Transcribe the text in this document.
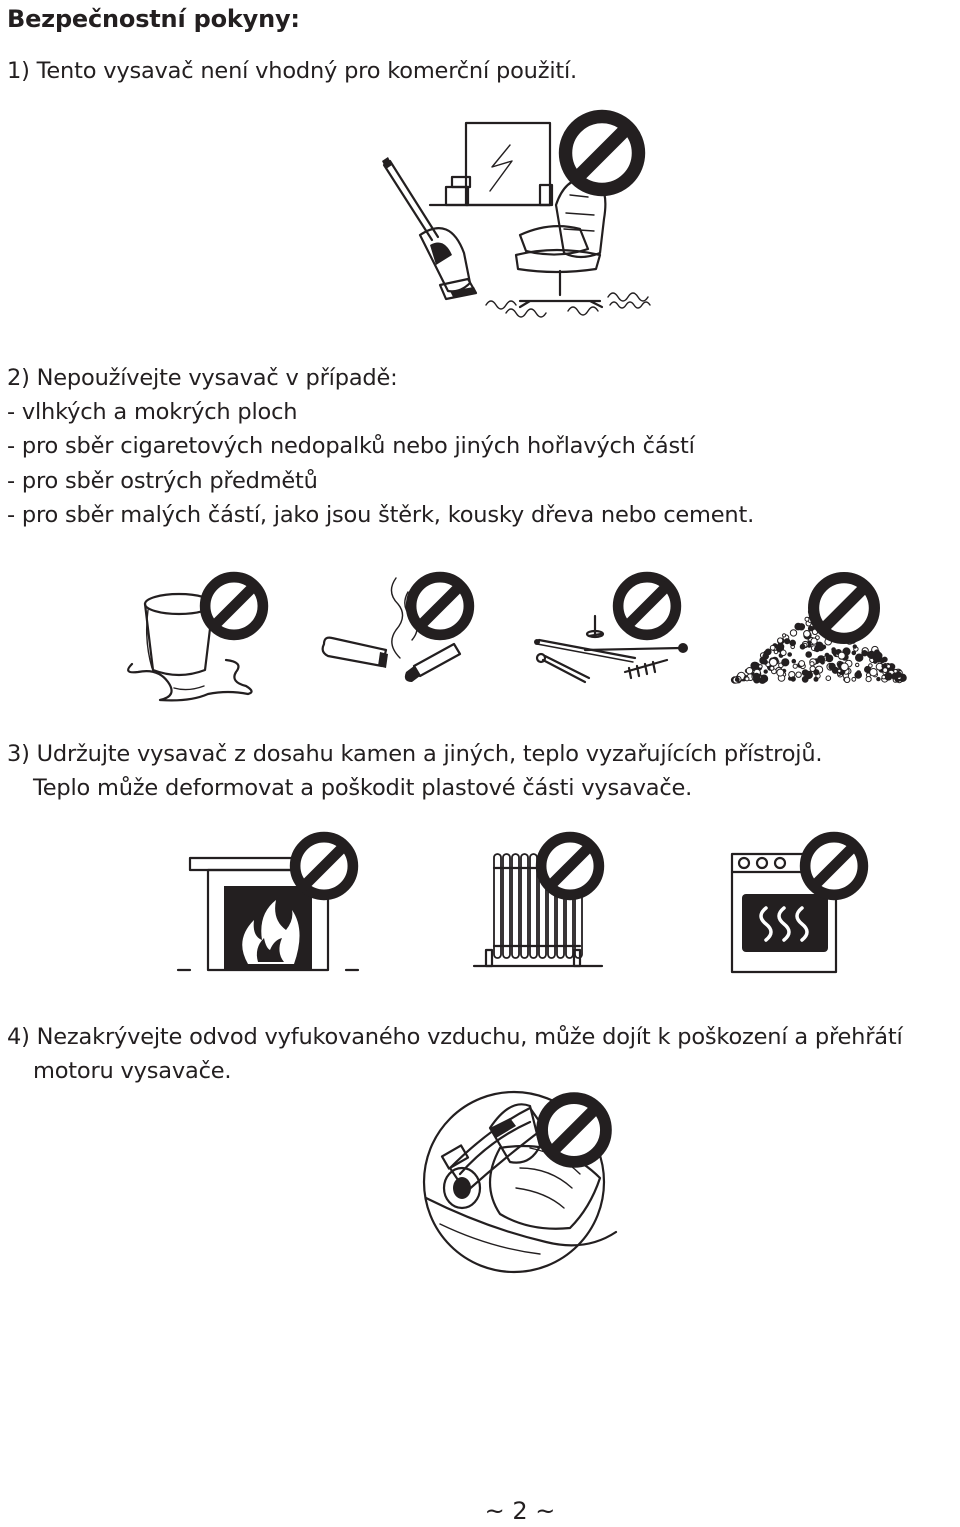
Bezpečnostní pokyny:
1) Tento vysavač není vhodný pro komerční použití.
2) Nepoužívejte vysavač v případě:
- vlhkých a mokrých ploch
- pro sběr cigaretových nedopalků nebo jiných hořlavých částí
- pro sběr ostrých předmětů
- pro sběr malých částí, jako jsou štěrk, kousky dřeva nebo cement.
3) Udržujte vysavač z dosahu kamen a jiných, teplo vyzařujících přístrojů.
Teplo může deformovat a poškodit plastové části vysavače.
4) Nezakrývejte odvod vyfukovaného vzduchu, může dojít k poškození a přehřátí
motoru vysavače.
~ 2 ~
